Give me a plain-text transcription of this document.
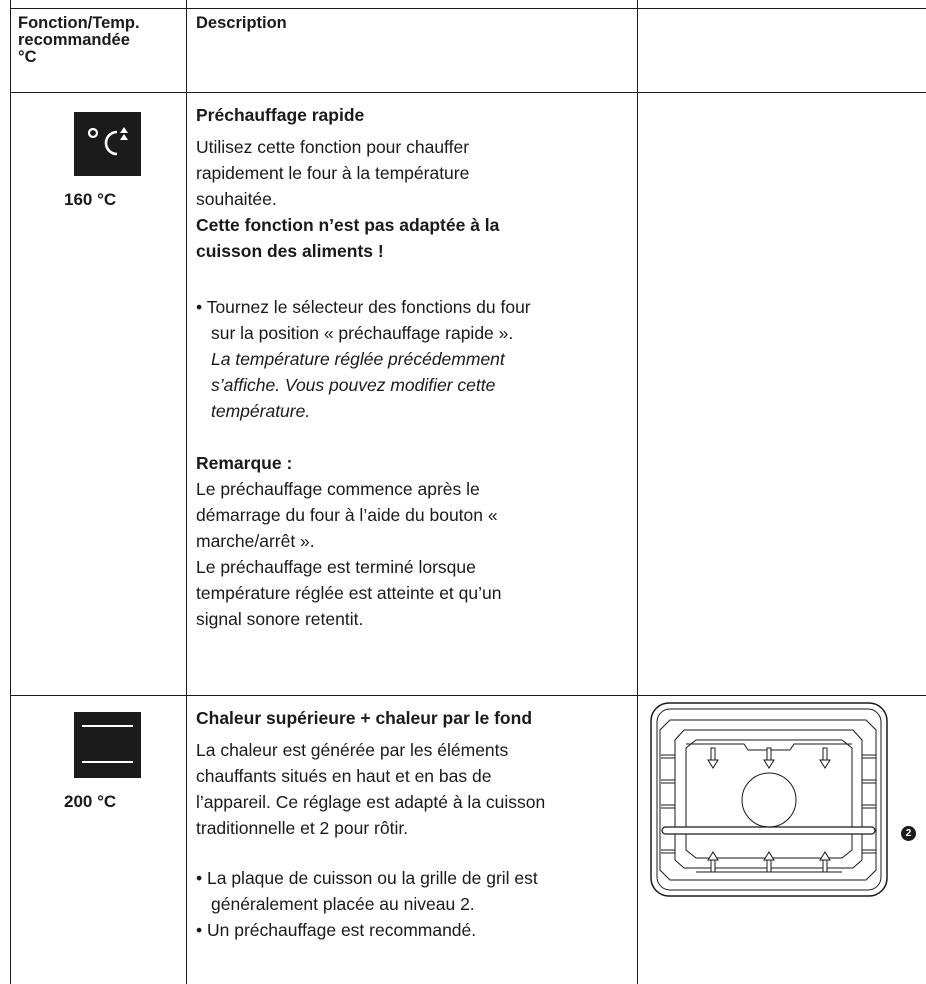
Fonction/Temp.
recommandée
°C
Description
160 °C

Préchauffage rapide

Utilisez cette fonction pour chauffer

rapidement le four à la température

souhaitée.

Cette fonction n’est pas adaptée à la

cuisson des aliments !

• Tournez le sélecteur des fonctions du four

sur la position « préchauffage rapide ».

La température réglée précédemment

s’affiche. Vous pouvez modifier cette

température.

Remarque :

Le préchauffage commence après le

démarrage du four à l’aide du bouton «

marche/arrêt ».

Le préchauffage est terminé lorsque

température réglée est atteinte et qu’un

signal sonore retentit.

200 °C

Chaleur supérieure + chaleur par le fond

La chaleur est générée par les éléments

chauffants situés en haut et en bas de

l’appareil. Ce réglage est adapté à la cuisson

traditionnelle et 2 pour rôtir.

• La plaque de cuisson ou la grille de gril est

généralement placée au niveau 2.

• Un préchauffage est recommandé.

2
